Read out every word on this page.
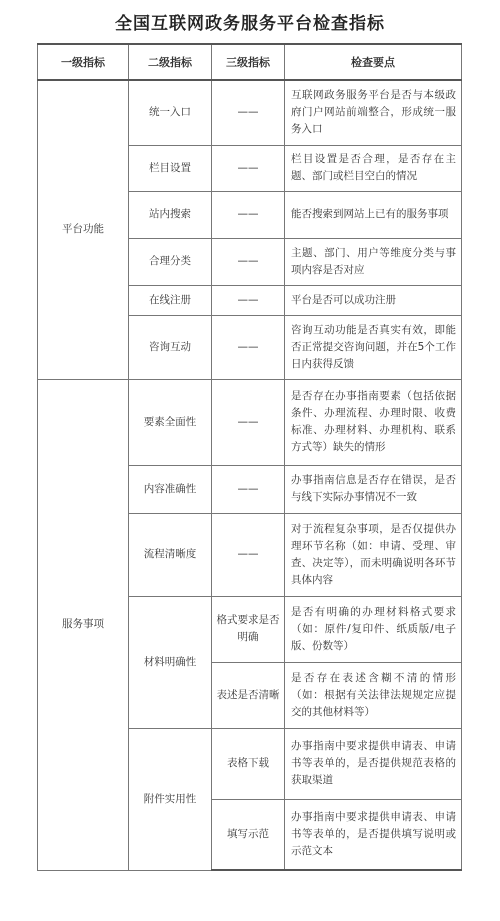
全国互联网政务服务平台检查指标
一级指标	二级指标	三级指标	检查要点
平台功能	统一入口	——	互联网政务服务平台是否与本级政府门户网站前端整合，形成统一服务入口
	栏目设置	——	栏目设置是否合理，是否存在主题、部门或栏目空白的情况
	站内搜索	——	能否搜索到网站上已有的服务事项
	合理分类	——	主题、部门、用户等维度分类与事项内容是否对应
	在线注册	——	平台是否可以成功注册
	咨询互动	——	咨询互动功能是否真实有效，即能否正常提交咨询问题，并在5个工作日内获得反馈
服务事项	要素全面性	——	是否存在办事指南要素（包括依据条件、办理流程、办理时限、收费标准、办理材料、办理机构、联系方式等）缺失的情形
	内容准确性	——	办事指南信息是否存在错误，是否与线下实际办事情况不一致
	流程清晰度	——	对于流程复杂事项，是否仅提供办理环节名称（如：申请、受理、审查、决定等），而未明确说明各环节具体内容
	材料明确性	格式要求是否明确	是否有明确的办理材料格式要求（如：原件/复印件、纸质版/电子版、份数等）
		表述是否清晰	是否存在表述含糊不清的情形（如：根据有关法律法规规定应提交的其他材料等）
	附件实用性	表格下载	办事指南中要求提供申请表、申请书等表单的，是否提供规范表格的获取渠道
		填写示范	办事指南中要求提供申请表、申请书等表单的，是否提供填写说明或示范文本
